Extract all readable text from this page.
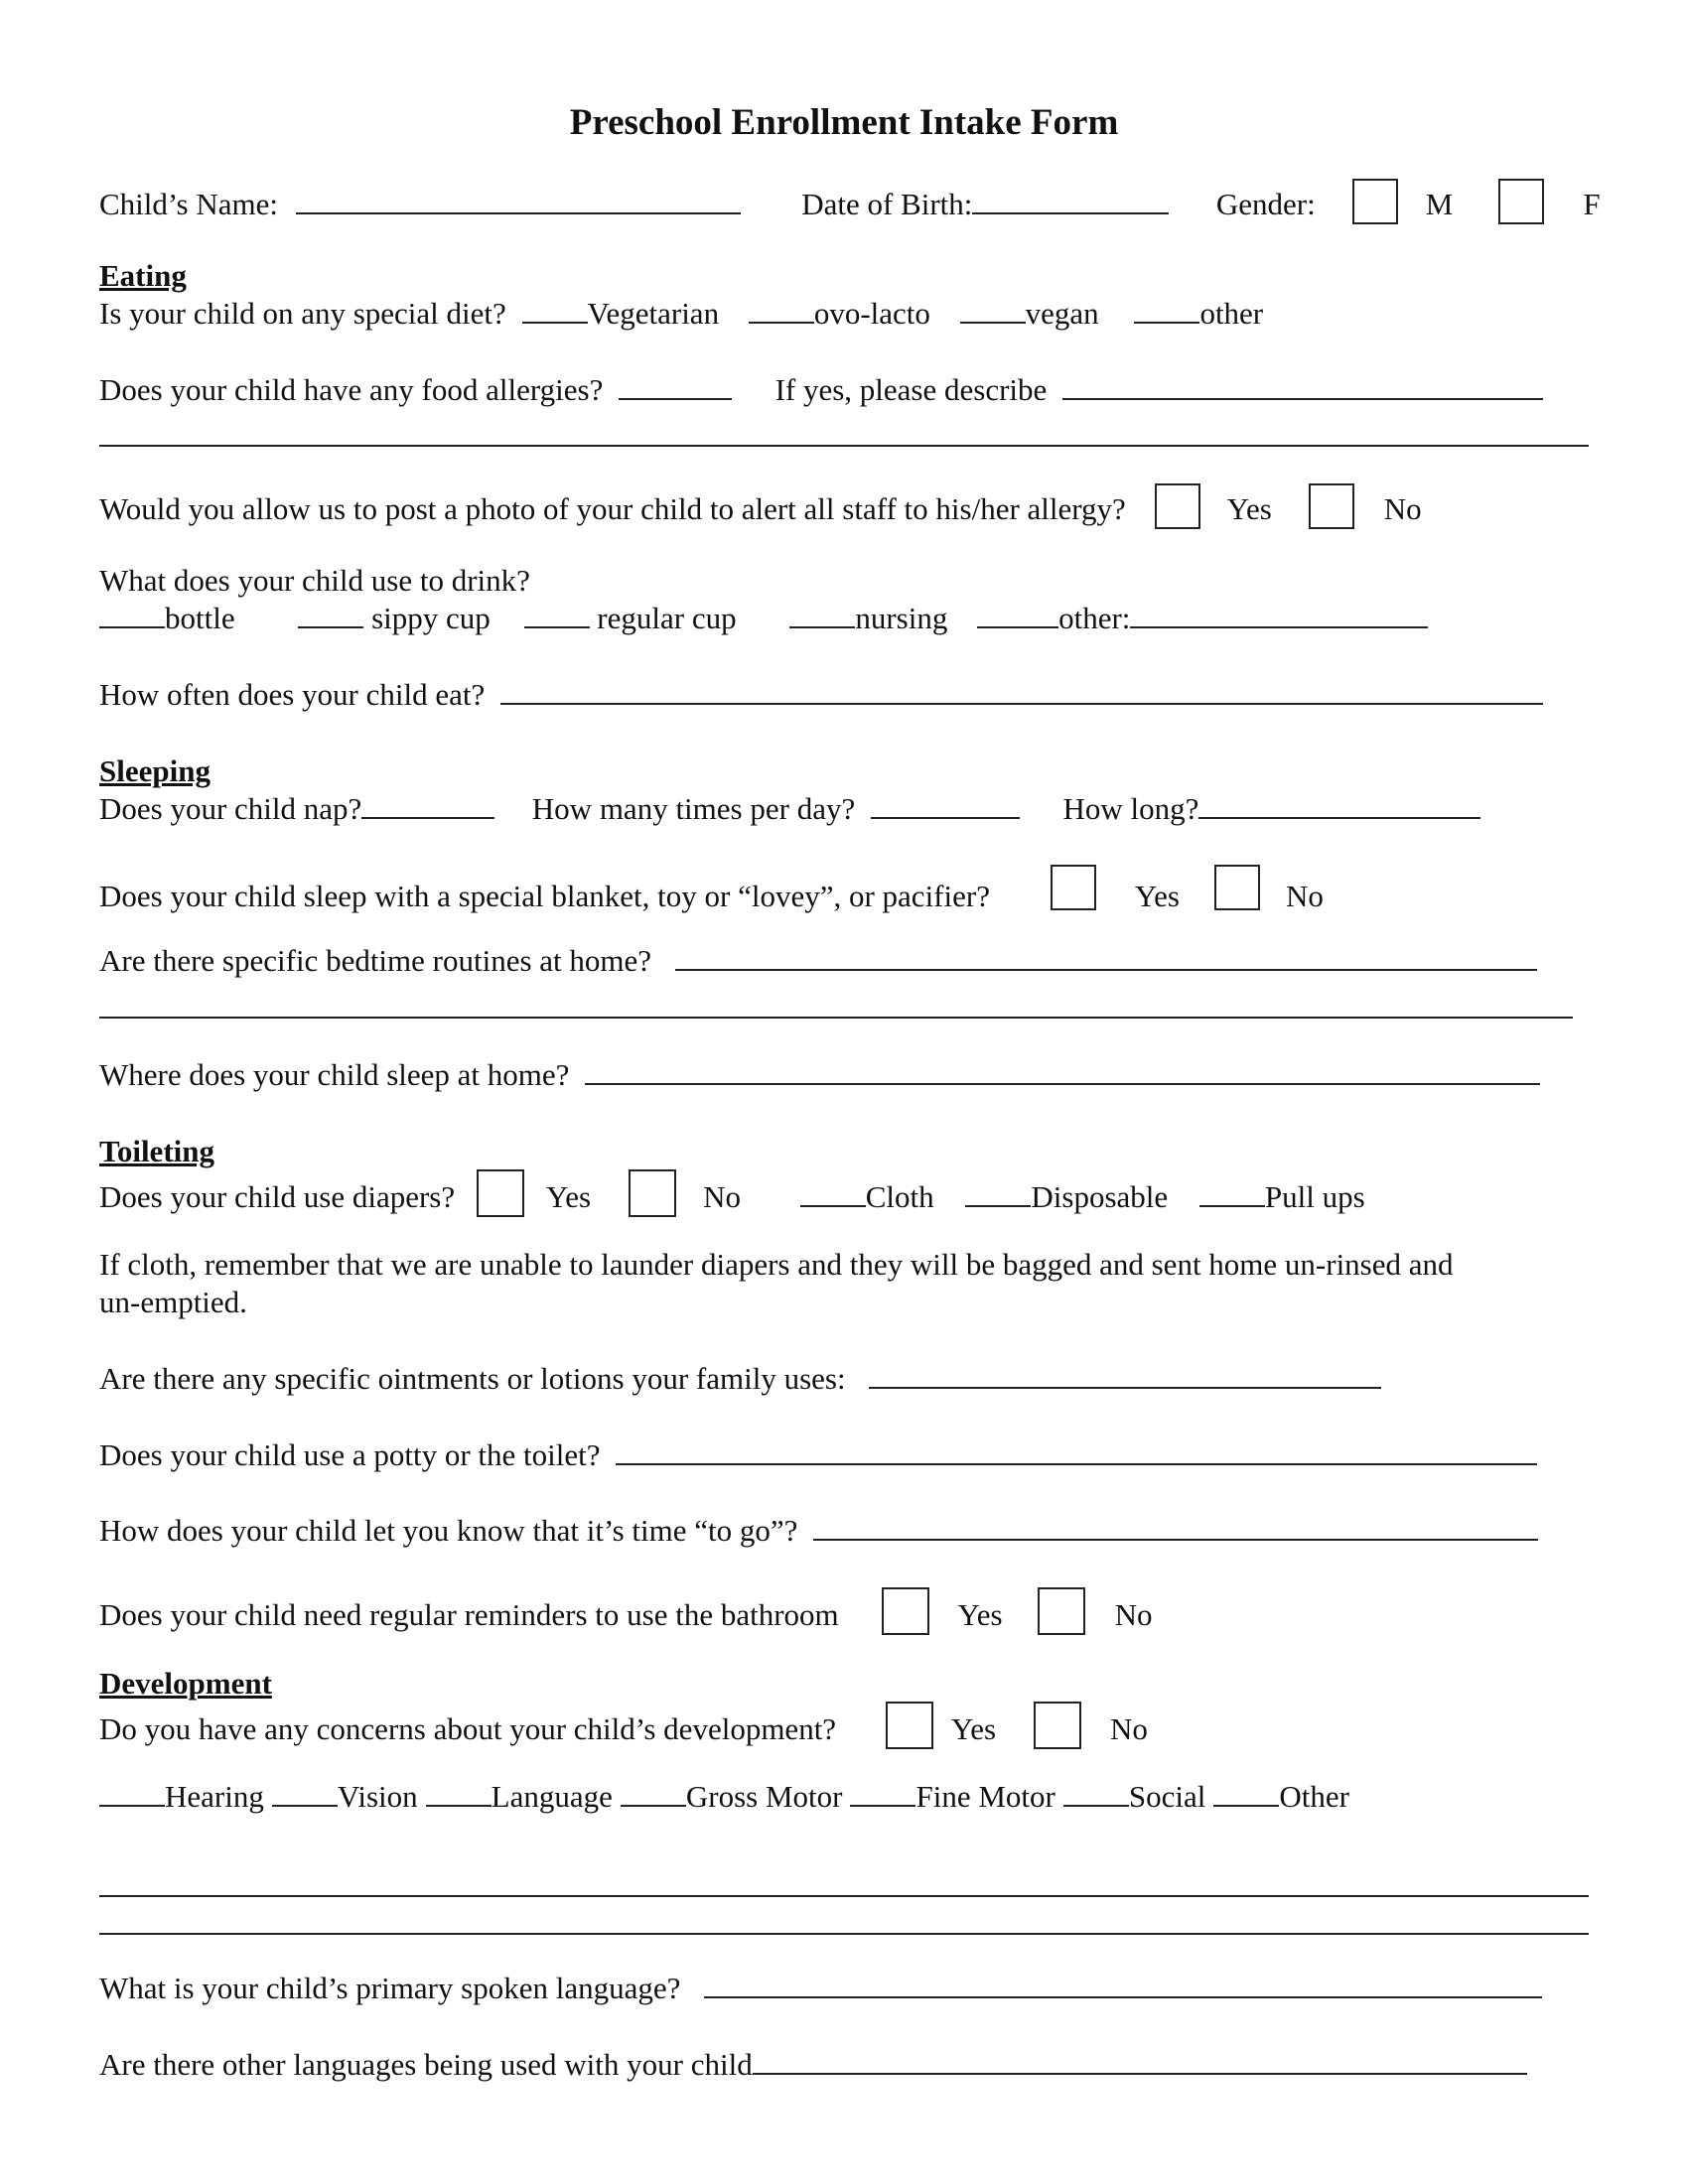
Preschool Enrollment Intake Form
Child’s Name:	Date of Birth:	Gender:	M	F
Eating
Is your child on any special diet?	Vegetarian	ovo-lacto	vegan	other
Does your child have any food allergies?	If yes, please describe
Would you allow us to post a photo of your child to alert all staff to his/her allergy?	Yes	No
What does your child use to drink?
bottle	sippy cup	regular cup	nursing	other:
How often does your child eat?
Sleeping
Does your child nap?	How many times per day?	How long?
Does your child sleep with a special blanket, toy or “lovey”, or pacifier?	Yes	No
Are there specific bedtime routines at home?
Where does your child sleep at home?
Toileting
Does your child use diapers?	Yes	No	Cloth	Disposable	Pull ups
If cloth, remember that we are unable to launder diapers and they will be bagged and sent home un-rinsed and
un-emptied.
Are there any specific ointments or lotions your family uses:
Does your child use a potty or the toilet?
How does your child let you know that it’s time “to go”?
Does your child need regular reminders to use the bathroom	Yes	No
Development
Do you have any concerns about your child’s development?	Yes	No
Hearing Vision Language Gross Motor Fine Motor Social Other
What is your child’s primary spoken language?
Are there other languages being used with your child
